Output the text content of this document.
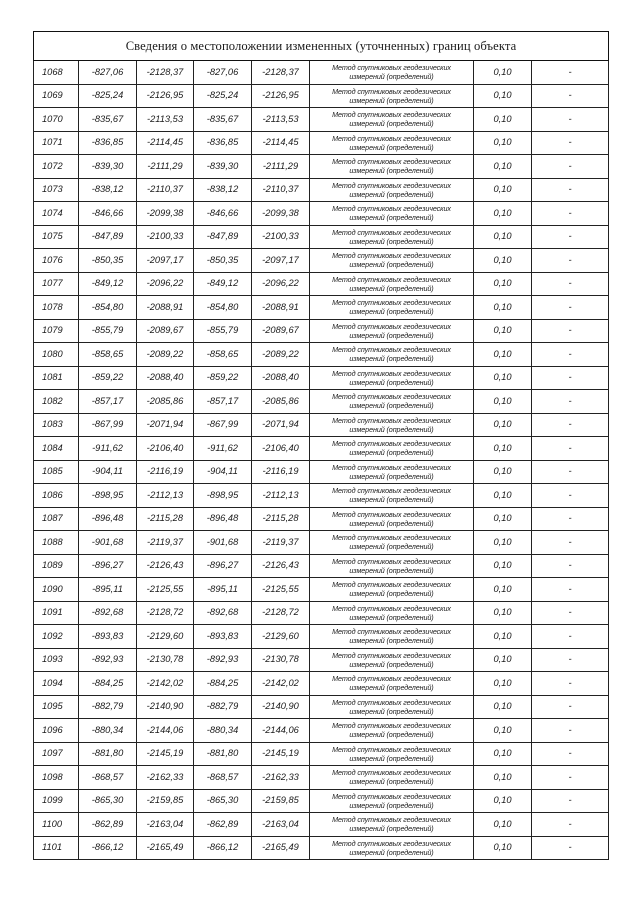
Сведения о местоположении измененных (уточненных) границ объекта							
1068	-827,06	-2128,37	-827,06	-2128,37	Метод спутниковых геодезических
измерений (определений)	0,10	-
1069	-825,24	-2126,95	-825,24	-2126,95	Метод спутниковых геодезических
измерений (определений)	0,10	-
1070	-835,67	-2113,53	-835,67	-2113,53	Метод спутниковых геодезических
измерений (определений)	0,10	-
1071	-836,85	-2114,45	-836,85	-2114,45	Метод спутниковых геодезических
измерений (определений)	0,10	-
1072	-839,30	-2111,29	-839,30	-2111,29	Метод спутниковых геодезических
измерений (определений)	0,10	-
1073	-838,12	-2110,37	-838,12	-2110,37	Метод спутниковых геодезических
измерений (определений)	0,10	-
1074	-846,66	-2099,38	-846,66	-2099,38	Метод спутниковых геодезических
измерений (определений)	0,10	-
1075	-847,89	-2100,33	-847,89	-2100,33	Метод спутниковых геодезических
измерений (определений)	0,10	-
1076	-850,35	-2097,17	-850,35	-2097,17	Метод спутниковых геодезических
измерений (определений)	0,10	-
1077	-849,12	-2096,22	-849,12	-2096,22	Метод спутниковых геодезических
измерений (определений)	0,10	-
1078	-854,80	-2088,91	-854,80	-2088,91	Метод спутниковых геодезических
измерений (определений)	0,10	-
1079	-855,79	-2089,67	-855,79	-2089,67	Метод спутниковых геодезических
измерений (определений)	0,10	-
1080	-858,65	-2089,22	-858,65	-2089,22	Метод спутниковых геодезических
измерений (определений)	0,10	-
1081	-859,22	-2088,40	-859,22	-2088,40	Метод спутниковых геодезических
измерений (определений)	0,10	-
1082	-857,17	-2085,86	-857,17	-2085,86	Метод спутниковых геодезических
измерений (определений)	0,10	-
1083	-867,99	-2071,94	-867,99	-2071,94	Метод спутниковых геодезических
измерений (определений)	0,10	-
1084	-911,62	-2106,40	-911,62	-2106,40	Метод спутниковых геодезических
измерений (определений)	0,10	-
1085	-904,11	-2116,19	-904,11	-2116,19	Метод спутниковых геодезических
измерений (определений)	0,10	-
1086	-898,95	-2112,13	-898,95	-2112,13	Метод спутниковых геодезических
измерений (определений)	0,10	-
1087	-896,48	-2115,28	-896,48	-2115,28	Метод спутниковых геодезических
измерений (определений)	0,10	-
1088	-901,68	-2119,37	-901,68	-2119,37	Метод спутниковых геодезических
измерений (определений)	0,10	-
1089	-896,27	-2126,43	-896,27	-2126,43	Метод спутниковых геодезических
измерений (определений)	0,10	-
1090	-895,11	-2125,55	-895,11	-2125,55	Метод спутниковых геодезических
измерений (определений)	0,10	-
1091	-892,68	-2128,72	-892,68	-2128,72	Метод спутниковых геодезических
измерений (определений)	0,10	-
1092	-893,83	-2129,60	-893,83	-2129,60	Метод спутниковых геодезических
измерений (определений)	0,10	-
1093	-892,93	-2130,78	-892,93	-2130,78	Метод спутниковых геодезических
измерений (определений)	0,10	-
1094	-884,25	-2142,02	-884,25	-2142,02	Метод спутниковых геодезических
измерений (определений)	0,10	-
1095	-882,79	-2140,90	-882,79	-2140,90	Метод спутниковых геодезических
измерений (определений)	0,10	-
1096	-880,34	-2144,06	-880,34	-2144,06	Метод спутниковых геодезических
измерений (определений)	0,10	-
1097	-881,80	-2145,19	-881,80	-2145,19	Метод спутниковых геодезических
измерений (определений)	0,10	-
1098	-868,57	-2162,33	-868,57	-2162,33	Метод спутниковых геодезических
измерений (определений)	0,10	-
1099	-865,30	-2159,85	-865,30	-2159,85	Метод спутниковых геодезических
измерений (определений)	0,10	-
1100	-862,89	-2163,04	-862,89	-2163,04	Метод спутниковых геодезических
измерений (определений)	0,10	-
1101	-866,12	-2165,49	-866,12	-2165,49	Метод спутниковых геодезических
измерений (определений)	0,10	-
